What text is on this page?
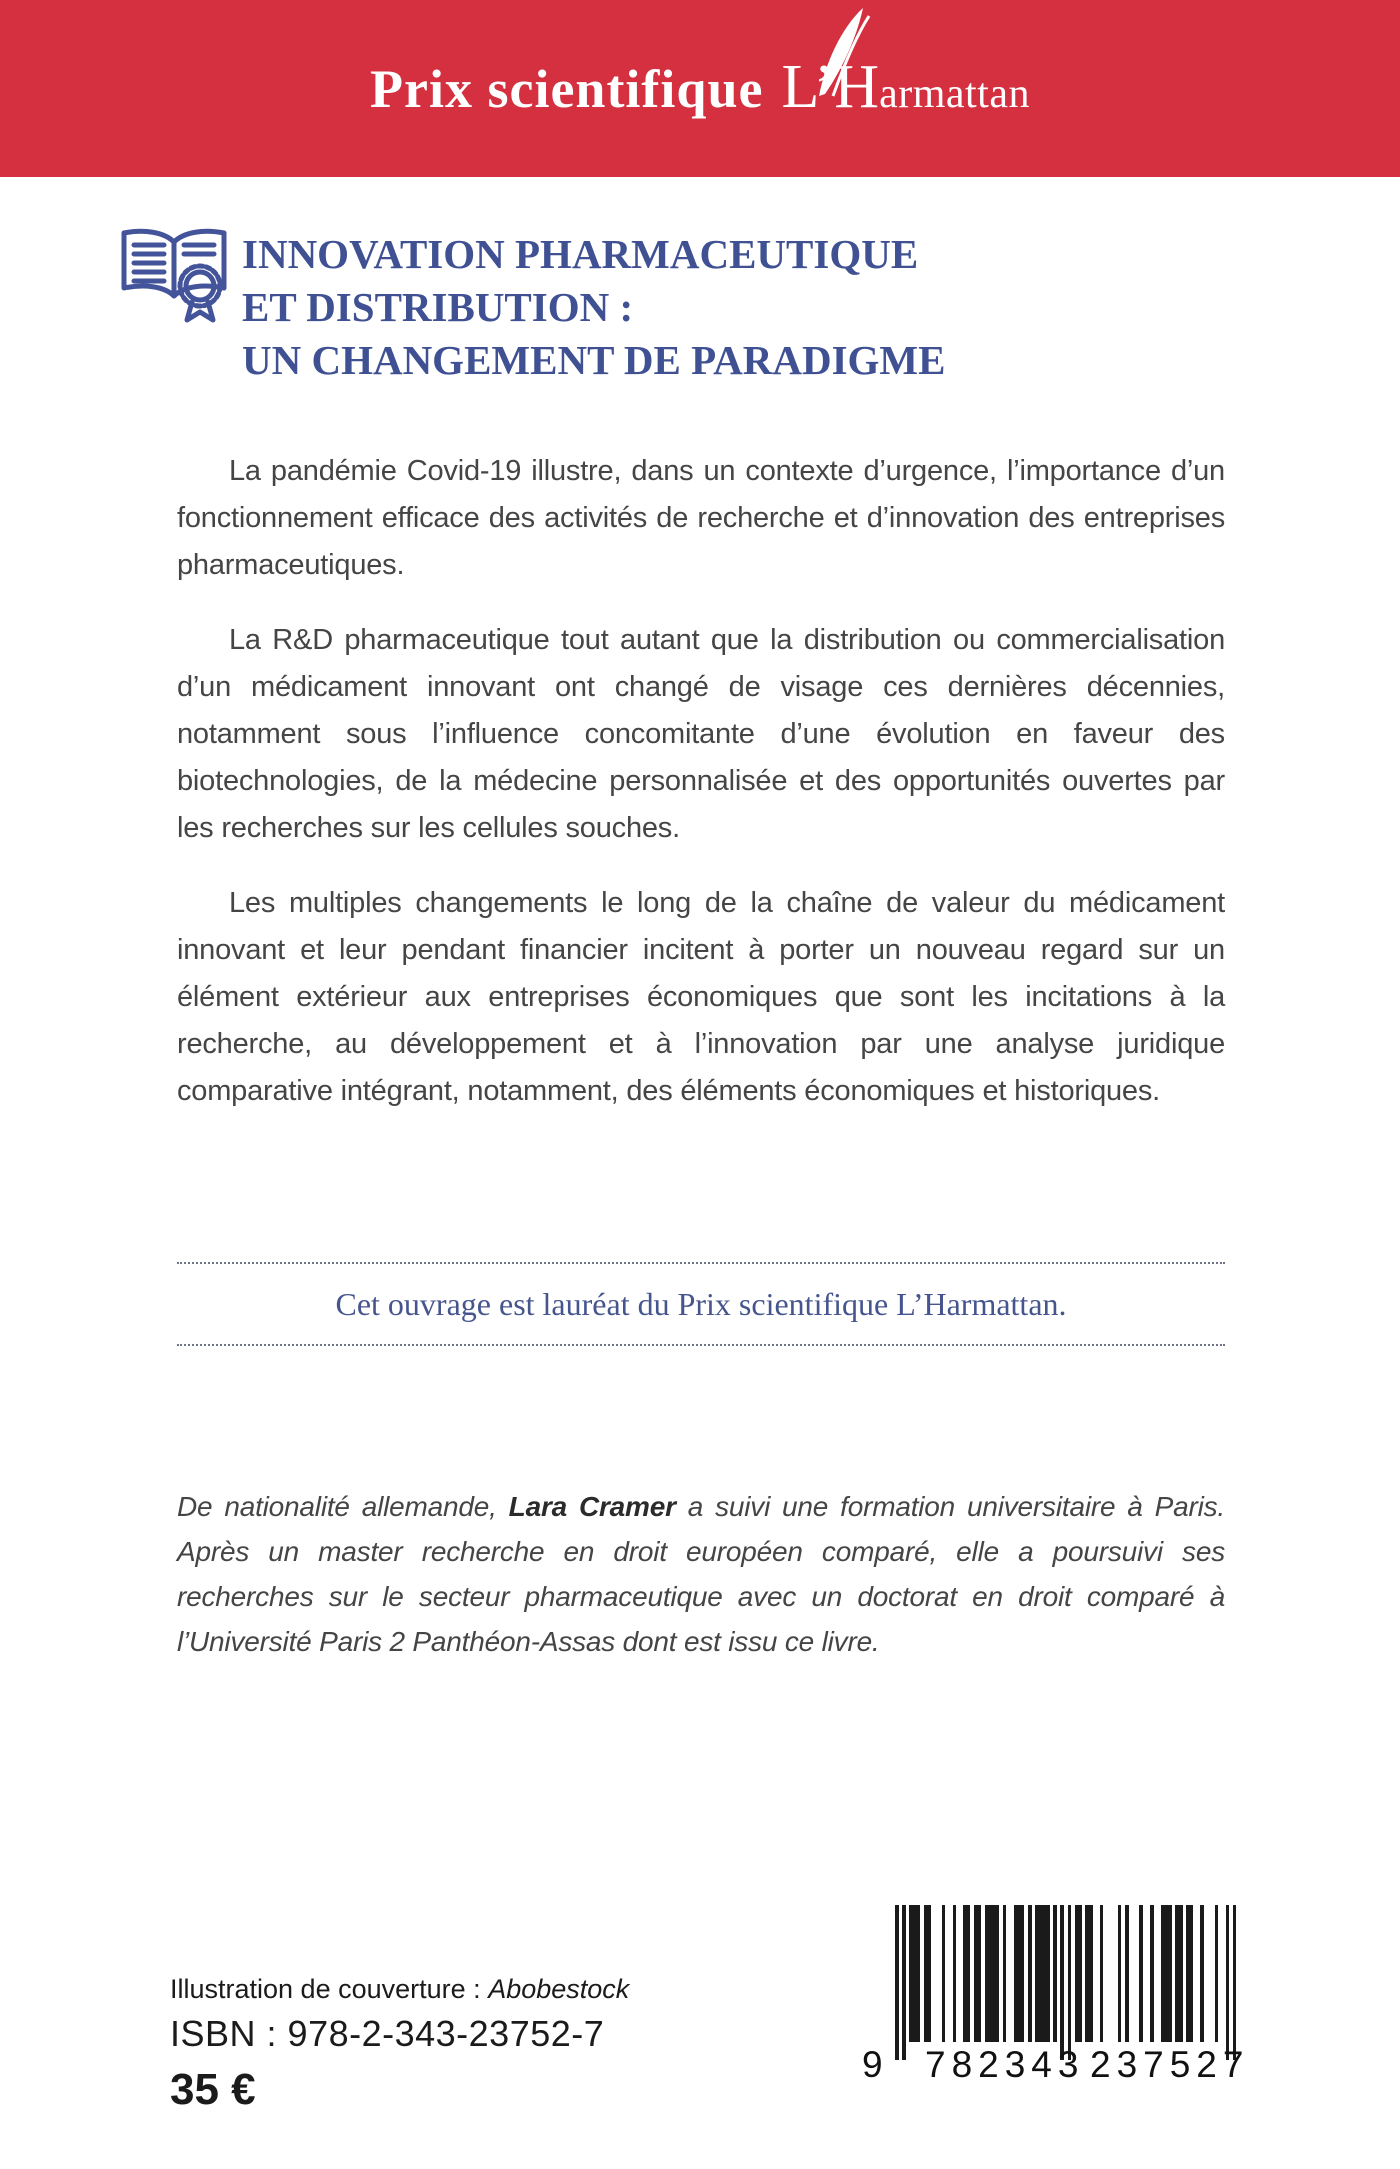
Prix scientifique L’Harmattan
INNOVATION PHARMACEUTIQUE
ET DISTRIBUTION :
UN CHANGEMENT DE PARADIGME

La pandémie Covid-19 illustre, dans un contexte d’urgence, l’importance d’un fonctionnement efficace des activités de recherche et d’innovation des entreprises pharmaceutiques.

La R&D pharmaceutique tout autant que la distribution ou commercialisation d’un médicament innovant ont changé de visage ces dernières décennies, notamment sous l’influence concomitante d’une évolution en faveur des biotechnologies, de la médecine personnalisée et des opportunités ouvertes par les recherches sur les cellules souches.

Les multiples changements le long de la chaîne de valeur du médicament innovant et leur pendant financier incitent à porter un nouveau regard sur un élément extérieur aux entreprises économiques que sont les incitations à la recherche, au développement et à l’innovation par une analyse juridique comparative intégrant, notamment, des éléments économiques et historiques.

Cet ouvrage est lauréat du Prix scientifique L’Harmattan.

De nationalité allemande, Lara Cramer a suivi une formation universitaire à Paris. Après un master recherche en droit européen comparé, elle a poursuivi ses recherches sur le secteur pharmaceutique avec un doctorat en droit comparé à l’Université Paris 2 Panthéon-Assas dont est issu ce livre.

Illustration de couverture : Abobestock
ISBN : 978-2-343-23752-7
35 €
9 782343 237527
